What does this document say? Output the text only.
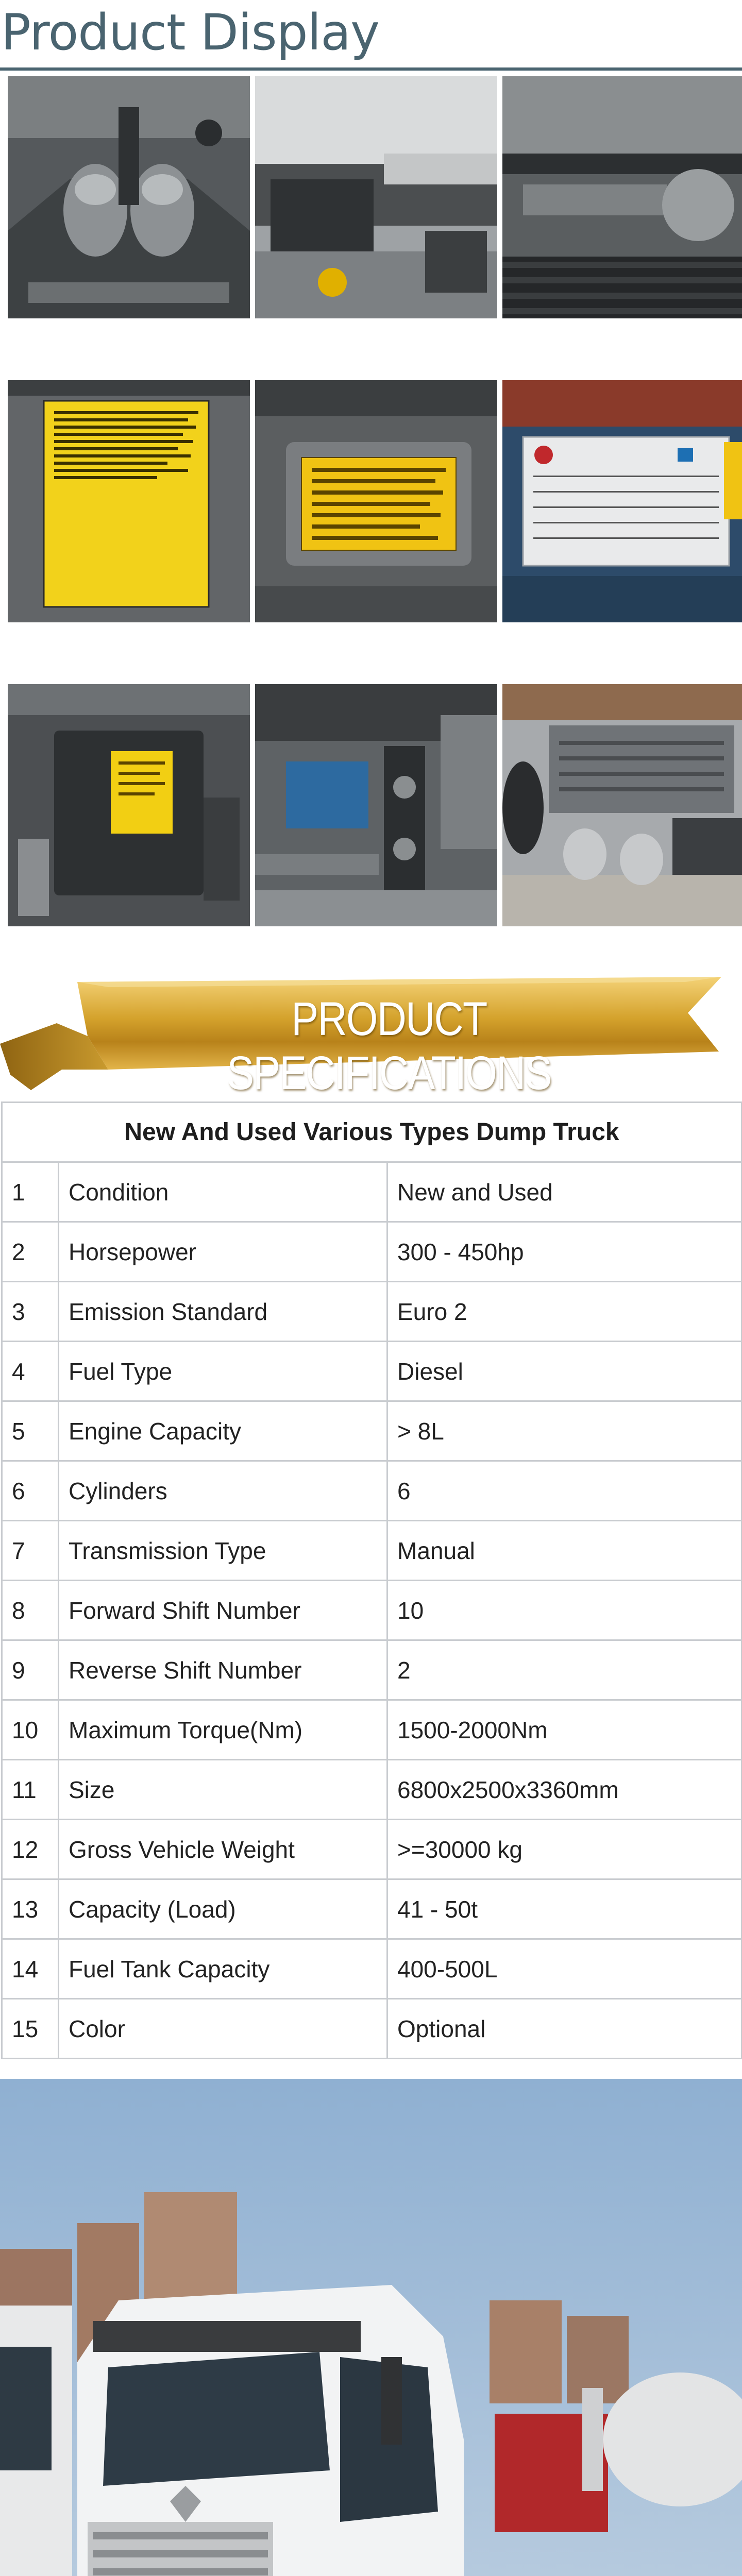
Product Display
PRODUCT SPECIFICATIONS
New And Used Various Types Dump Truck		
1	Condition	New and Used
2	Horsepower	300 - 450hp
3	Emission Standard	Euro 2
4	Fuel Type	Diesel
5	Engine Capacity	> 8L
6	Cylinders	6
7	Transmission Type	Manual
8	Forward Shift Number	10
9	Reverse Shift Number	2
10	Maximum Torque(Nm)	1500-2000Nm
11	Size	6800x2500x3360mm
12	Gross Vehicle Weight	>=30000 kg
13	Capacity (Load)	41 - 50t
14	Fuel Tank Capacity	400-500L
15	Color	Optional
